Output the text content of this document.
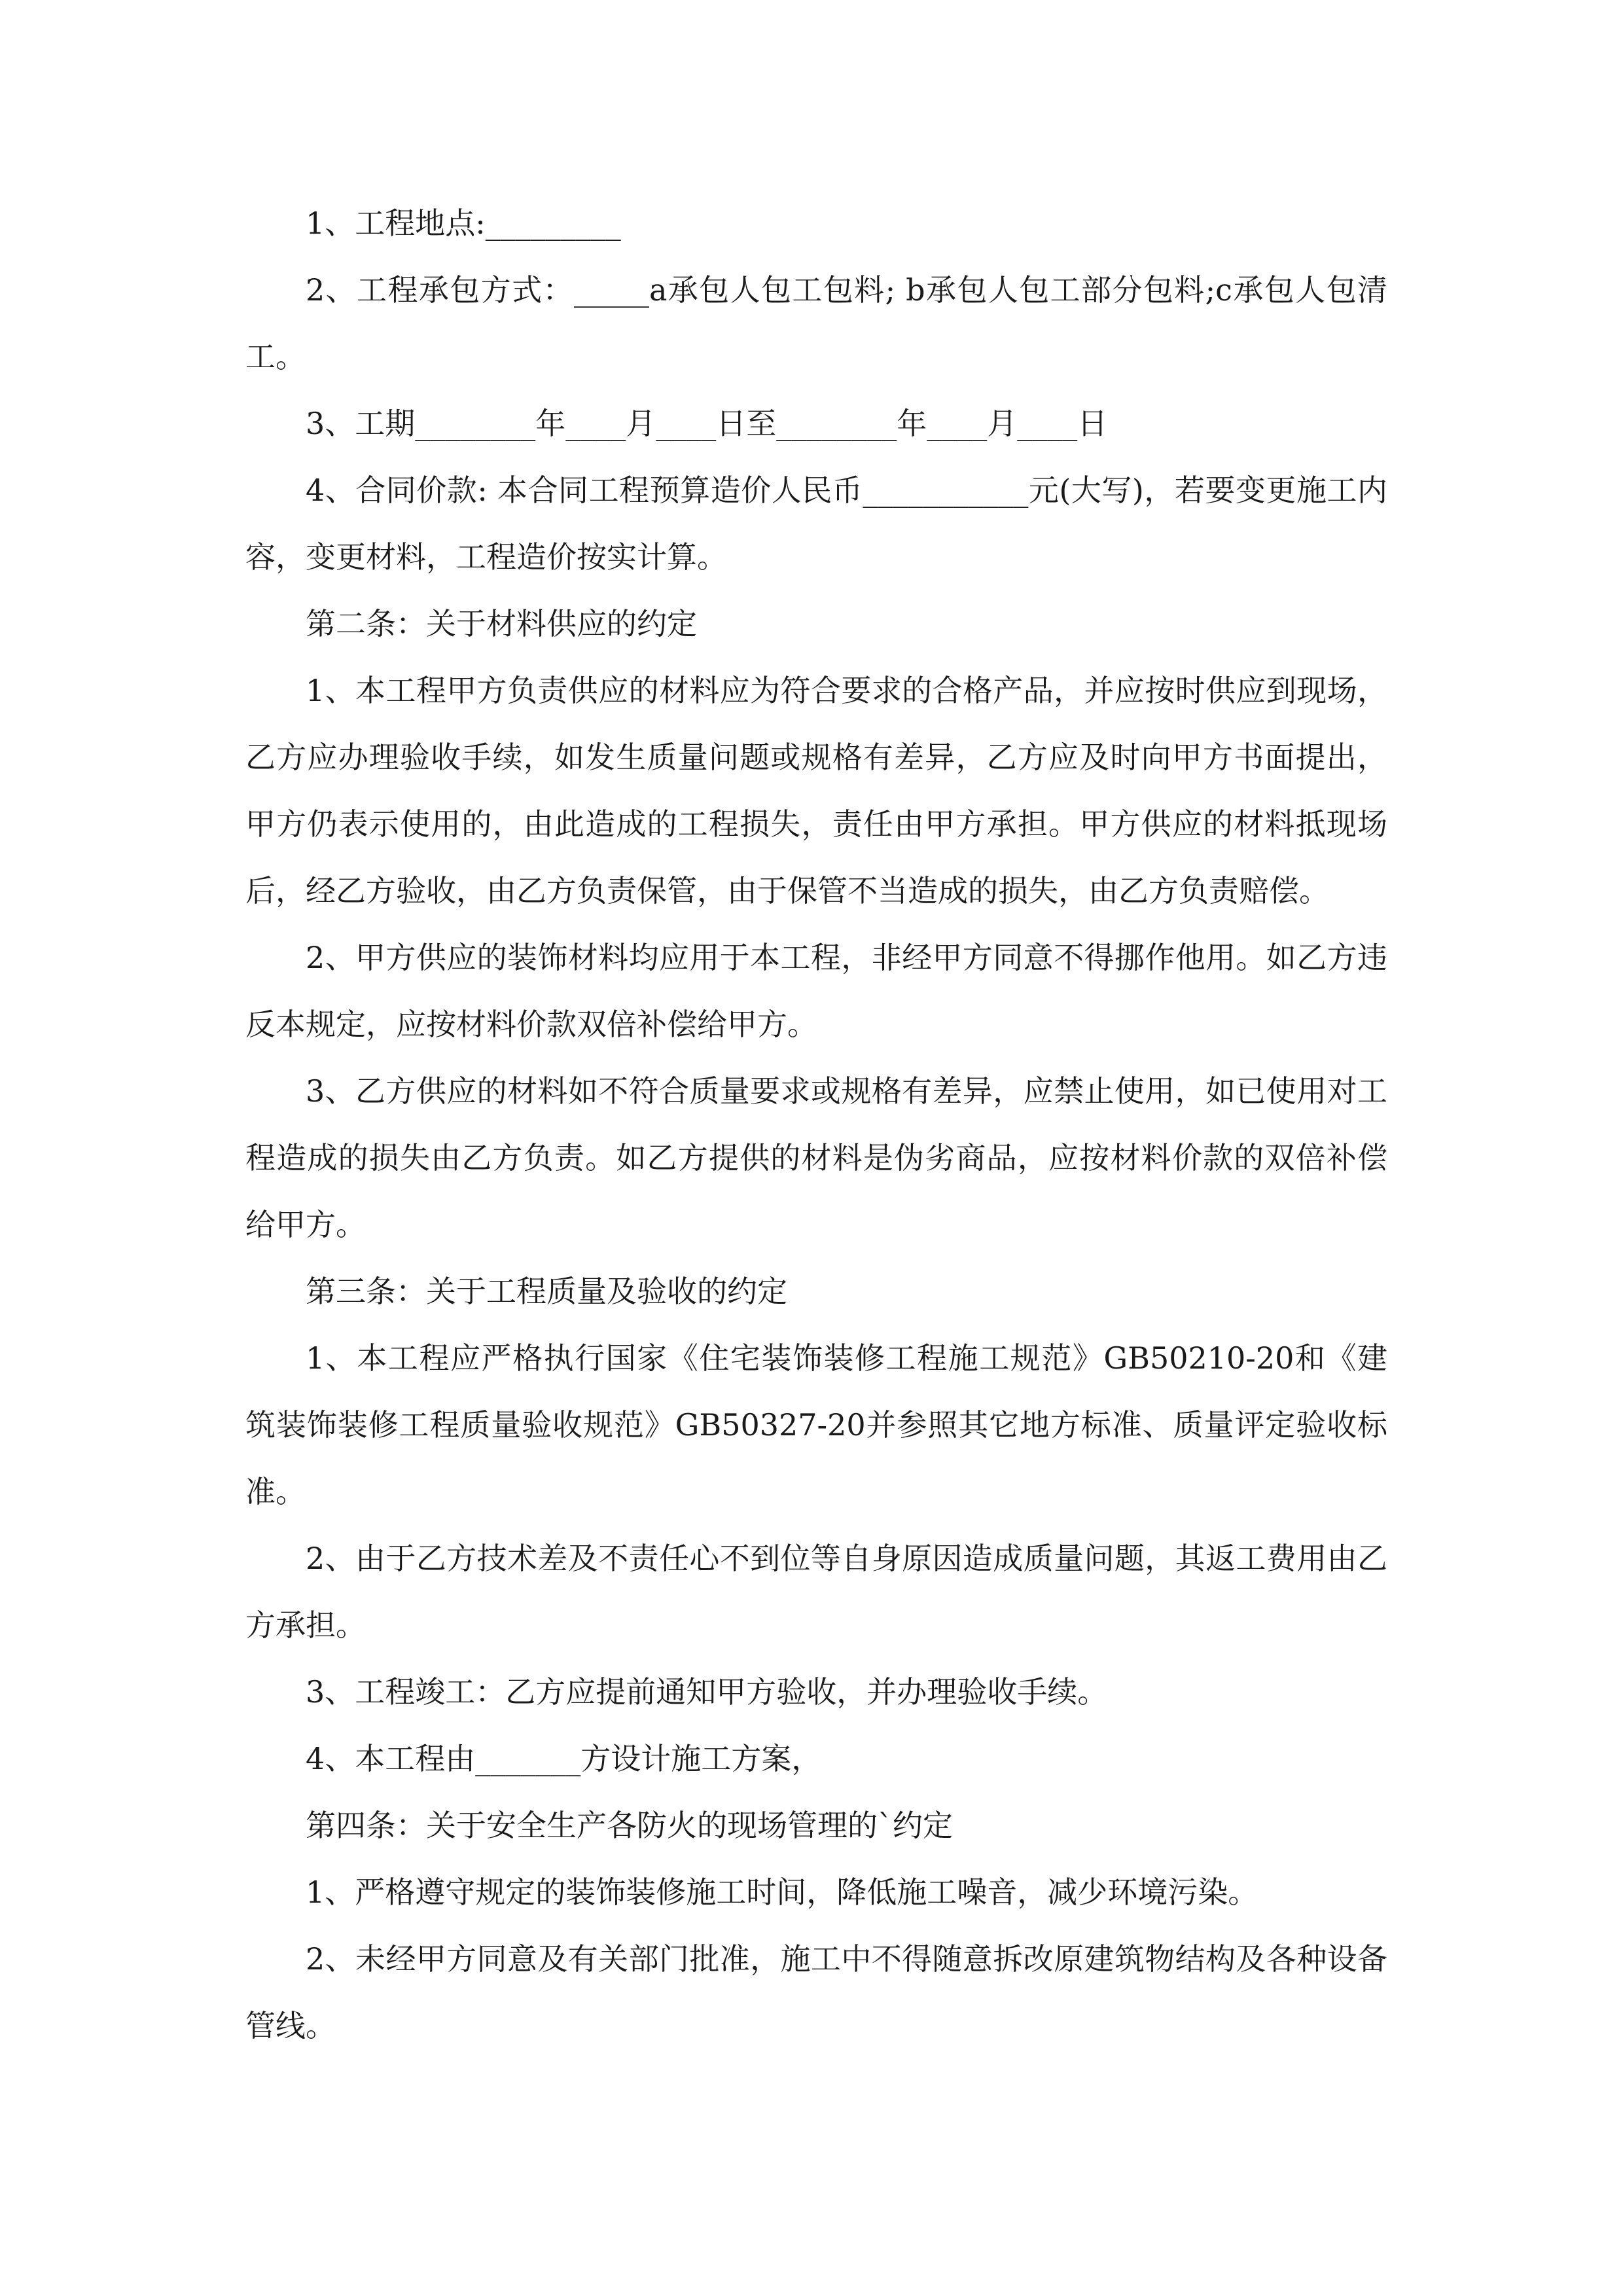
1、工程地点:_________

2、工程承包方式：_____a承包人包工包料; b承包人包工部分包料;c承包人包清工。

3、工期________年____月____日至________年____月____日

4、合同价款: 本合同工程预算造价人民币___________元(大写)，若要变更施工内容，变更材料，工程造价按实计算。

第二条：关于材料供应的约定

1、本工程甲方负责供应的材料应为符合要求的合格产品，并应按时供应到现场，乙方应办理验收手续，如发生质量问题或规格有差异，乙方应及时向甲方书面提出，甲方仍表示使用的，由此造成的工程损失，责任由甲方承担。甲方供应的材料抵现场后，经乙方验收，由乙方负责保管，由于保管不当造成的损失，由乙方负责赔偿。

2、甲方供应的装饰材料均应用于本工程，非经甲方同意不得挪作他用。如乙方违反本规定，应按材料价款双倍补偿给甲方。

3、乙方供应的材料如不符合质量要求或规格有差异，应禁止使用，如已使用对工程造成的损失由乙方负责。如乙方提供的材料是伪劣商品，应按材料价款的双倍补偿给甲方。

第三条：关于工程质量及验收的约定

1、本工程应严格执行国家《住宅装饰装修工程施工规范》GB50210-20和《建筑装饰装修工程质量验收规范》GB50327-20并参照其它地方标准、质量评定验收标准。

2、由于乙方技术差及不责任心不到位等自身原因造成质量问题，其返工费用由乙方承担。

3、工程竣工：乙方应提前通知甲方验收，并办理验收手续。

4、本工程由_______方设计施工方案，

第四条：关于安全生产各防火的现场管理的`约定

1、严格遵守规定的装饰装修施工时间，降低施工噪音，减少环境污染。

2、未经甲方同意及有关部门批准，施工中不得随意拆改原建筑物结构及各种设备管线。
